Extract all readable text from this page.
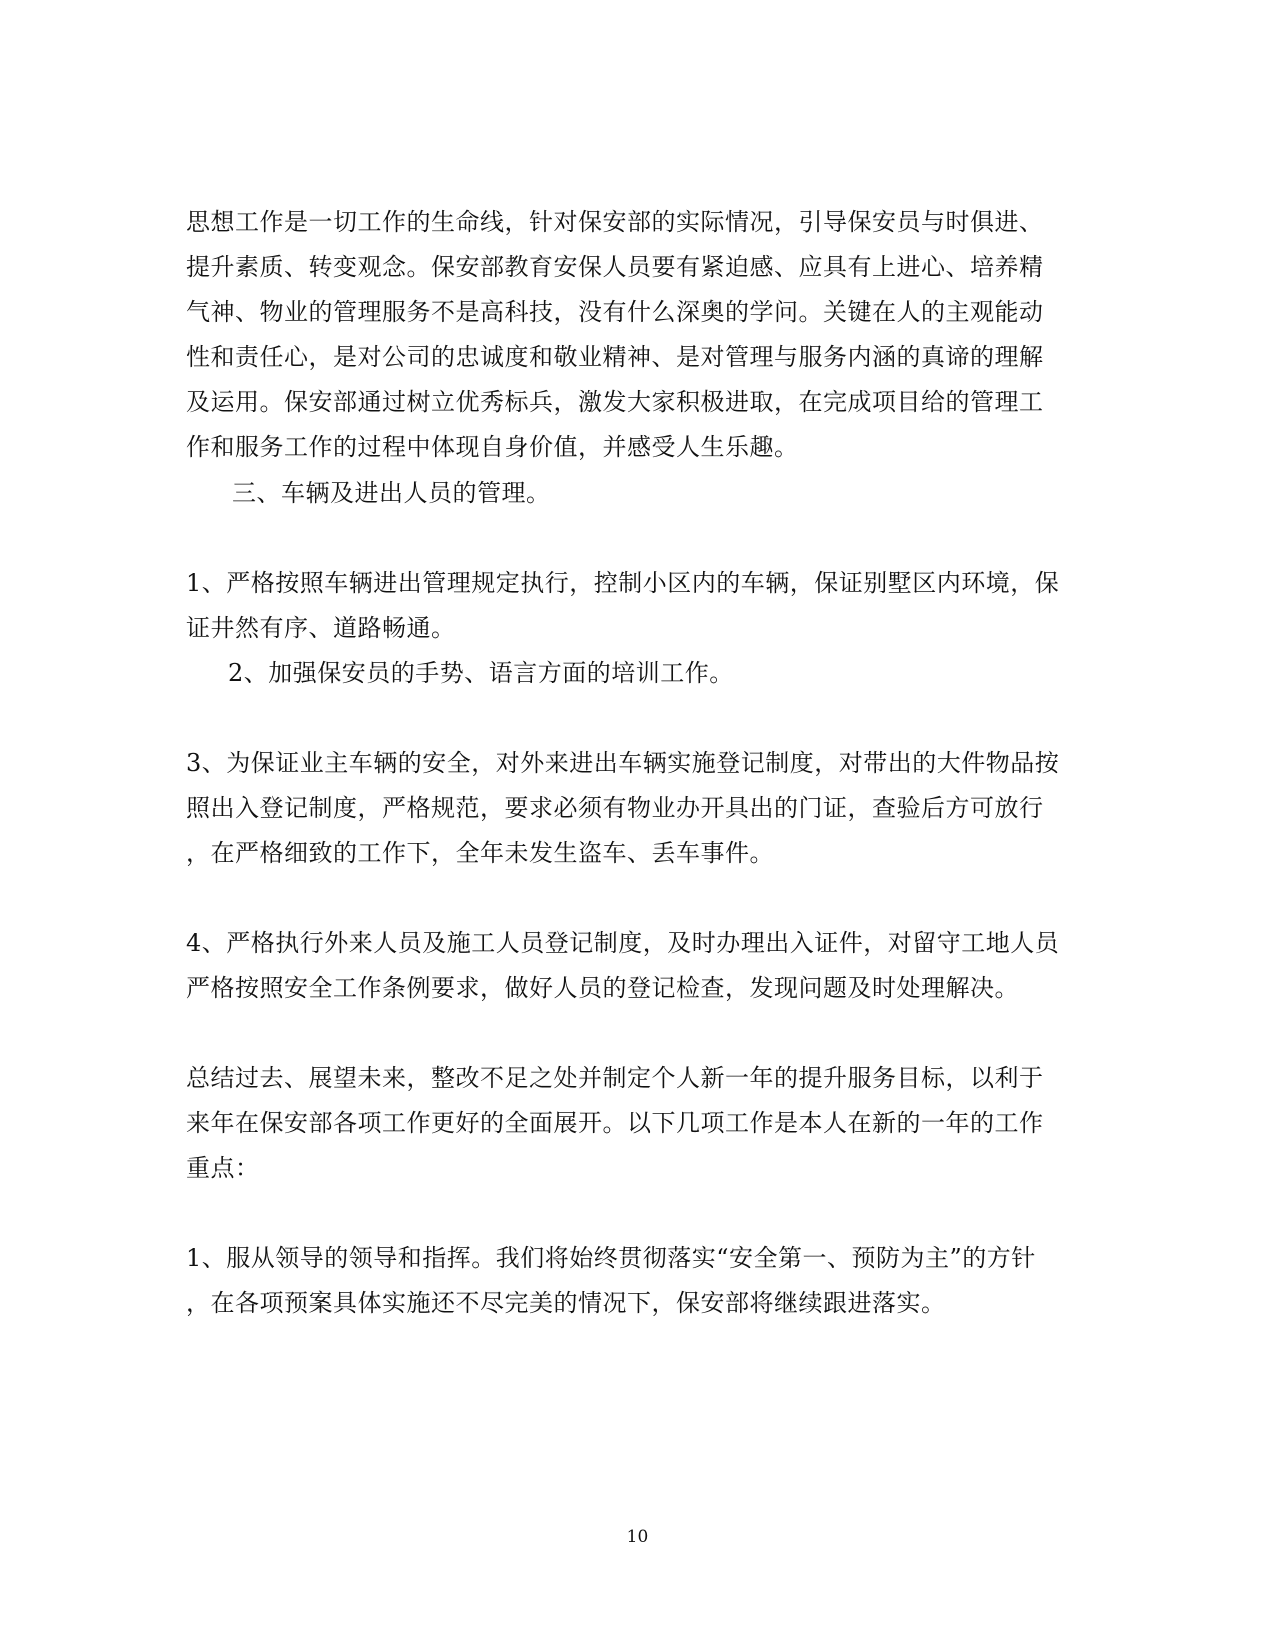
思想工作是一切工作的生命线，针对保安部的实际情况，引导保安员与时俱进、
提升素质、转变观念。保安部教育安保人员要有紧迫感、应具有上进心、培养精
气神、物业的管理服务不是高科技，没有什么深奥的学问。关键在人的主观能动
性和责任心，是对公司的忠诚度和敬业精神、是对管理与服务内涵的真谛的理解
及运用。保安部通过树立优秀标兵，激发大家积极进取，在完成项目给的管理工
作和服务工作的过程中体现自身价值，并感受人生乐趣。
三、车辆及进出人员的管理。
1、严格按照车辆进出管理规定执行，控制小区内的车辆，保证别墅区内环境，保
证井然有序、道路畅通。
2、加强保安员的手势、语言方面的培训工作。
3、为保证业主车辆的安全，对外来进出车辆实施登记制度，对带出的大件物品按
照出入登记制度，严格规范，要求必须有物业办开具出的门证，查验后方可放行
，在严格细致的工作下，全年未发生盗车、丢车事件。
4、严格执行外来人员及施工人员登记制度，及时办理出入证件，对留守工地人员
严格按照安全工作条例要求，做好人员的登记检查，发现问题及时处理解决。
总结过去、展望未来，整改不足之处并制定个人新一年的提升服务目标，以利于
来年在保安部各项工作更好的全面展开。以下几项工作是本人在新的一年的工作
重点：
1、服从领导的领导和指挥。我们将始终贯彻落实“安全第一、预防为主”的方针
，在各项预案具体实施还不尽完美的情况下，保安部将继续跟进落实。
10
